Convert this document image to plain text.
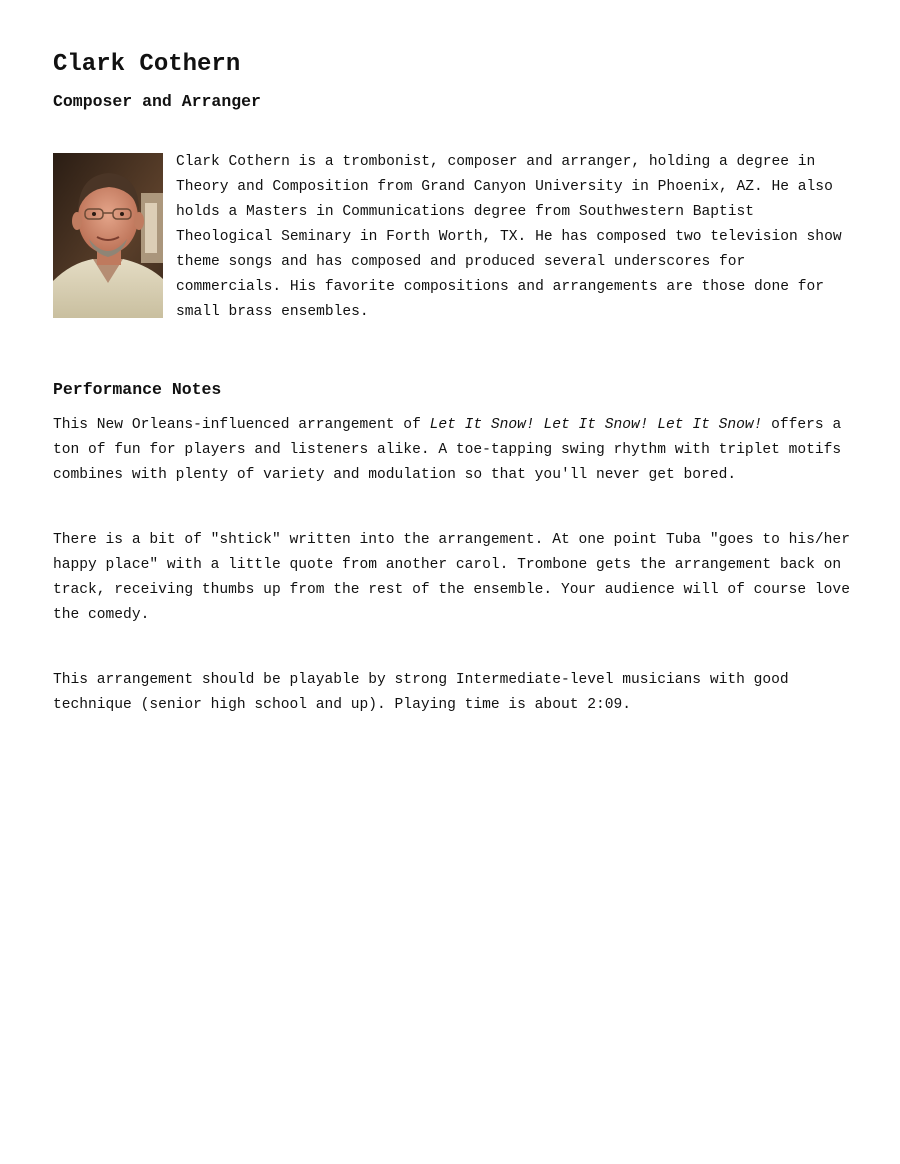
Clark Cothern
Composer and Arranger

Clark Cothern is a trombonist, composer and arranger, holding a degree in Theory and Composition from Grand Canyon University in Phoenix, AZ. He also holds a Masters in Communications degree from Southwestern Baptist Theological Seminary in Forth Worth, TX. He has composed two television show theme songs and has composed and produced several underscores for commercials. His favorite compositions and arrangements are those done for small brass ensembles.

Performance Notes

This New Orleans-influenced arrangement of Let It Snow! Let It Snow! Let It Snow! offers a ton of fun for players and listeners alike. A toe-tapping swing rhythm with triplet motifs combines with plenty of variety and modulation so that you'll never get bored.

There is a bit of "shtick" written into the arrangement. At one point Tuba "goes to his/her happy place" with a little quote from another carol. Trombone gets the arrangement back on track, receiving thumbs up from the rest of the ensemble. Your audience will of course love the comedy.

This arrangement should be playable by strong Intermediate-level musicians with good technique (senior high school and up). Playing time is about 2:09.
